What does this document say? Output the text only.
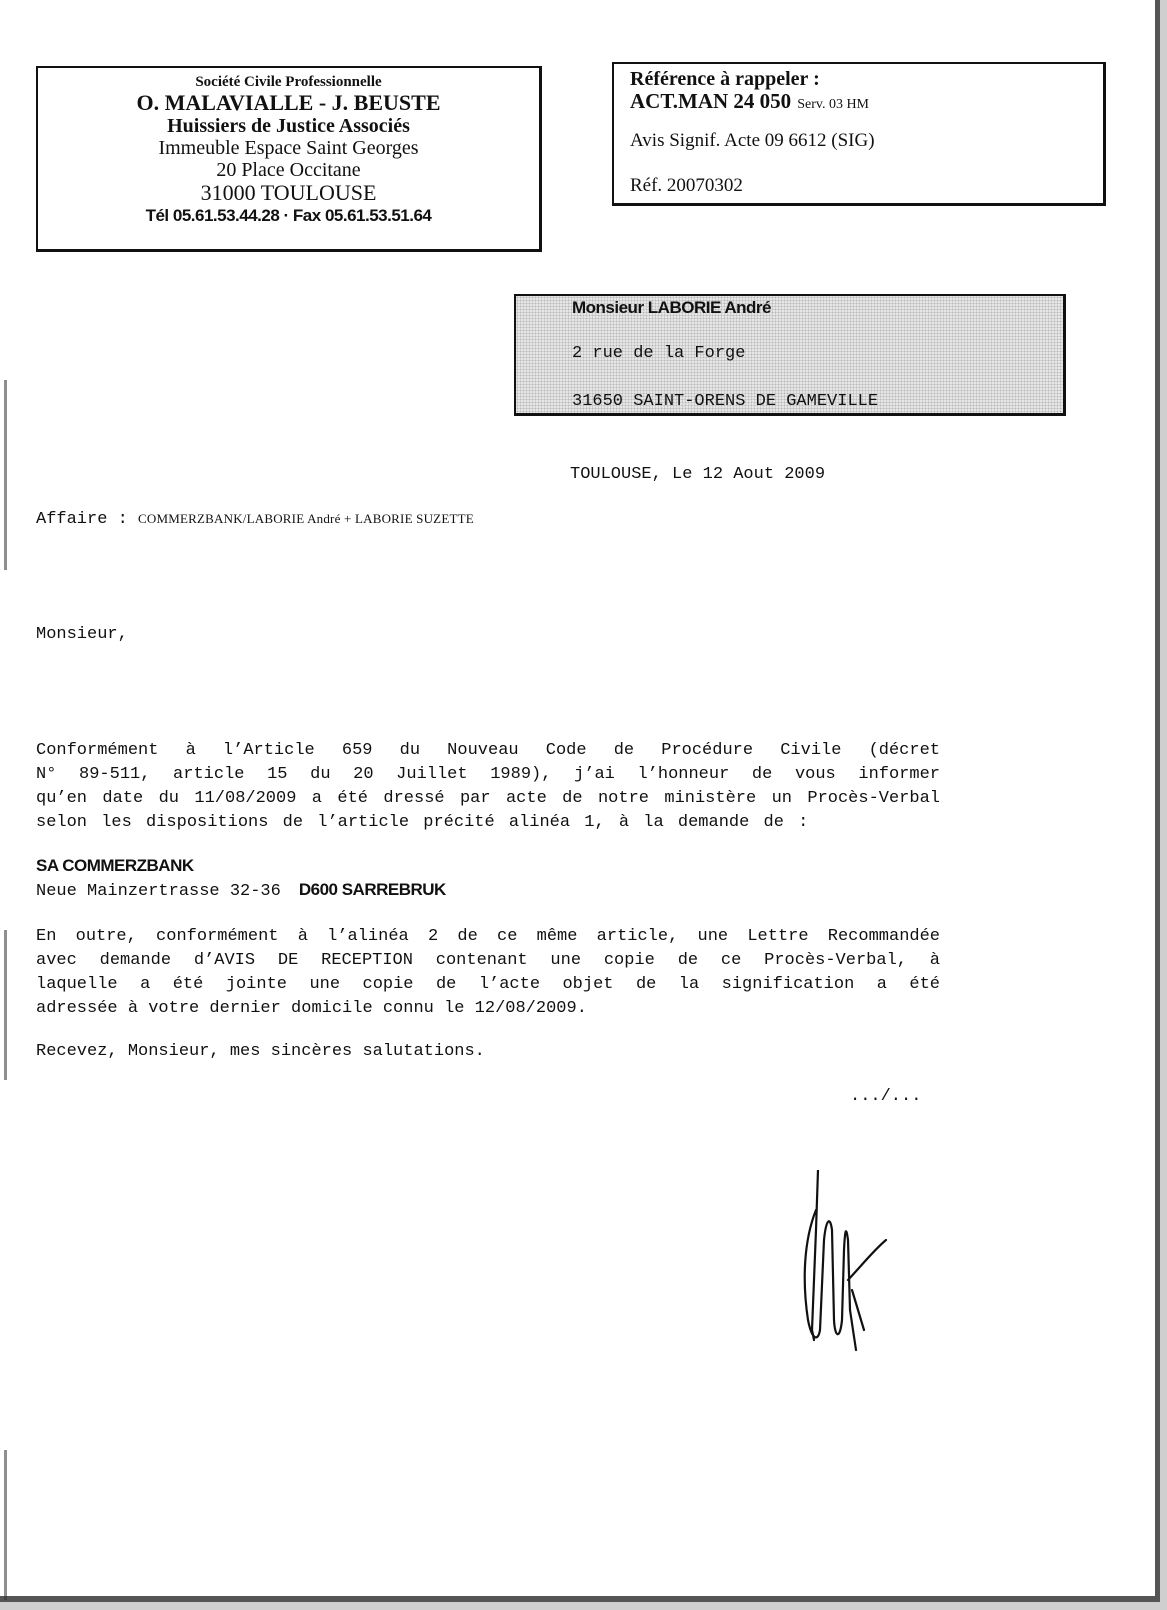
Société Civile Professionnelle
O. MALAVIALLE - J. BEUSTE
Huissiers de Justice Associés
Immeuble Espace Saint Georges
20 Place Occitane
31000 TOULOUSE
Tél 05.61.53.44.28 · Fax 05.61.53.51.64
Référence à rappeler :
ACT.MAN 24 050 Serv. 03 HM
Avis Signif. Acte 09 6612 (SIG)
Réf. 20070302
Monsieur LABORIE André
2 rue de la Forge
31650 SAINT-ORENS DE GAMEVILLE
TOULOUSE, Le 12 Aout 2009
Affaire : COMMERZBANK/LABORIE André + LABORIE SUZETTE
Monsieur,
Conformément à l’Article 659 du Nouveau Code de Procédure Civile (décret
N° 89-511, article 15 du 20 Juillet 1989), j’ai l’honneur de vous informer
qu’en date du 11/08/2009 a été dressé par acte de notre ministère un Procès-Verbal
selon les dispositions de l’article précité alinéa 1, à la demande de :
SA COMMERZBANK
Neue Mainzertrasse 32-36 D600 SARREBRUK
En outre, conformément à l’alinéa 2 de ce même article, une Lettre Recommandée
avec demande d’AVIS DE RECEPTION contenant une copie de ce Procès-Verbal, à
laquelle a été jointe une copie de l’acte objet de la signification a été
adressée à votre dernier domicile connu le 12/08/2009.
Recevez, Monsieur, mes sincères salutations.
.../...
